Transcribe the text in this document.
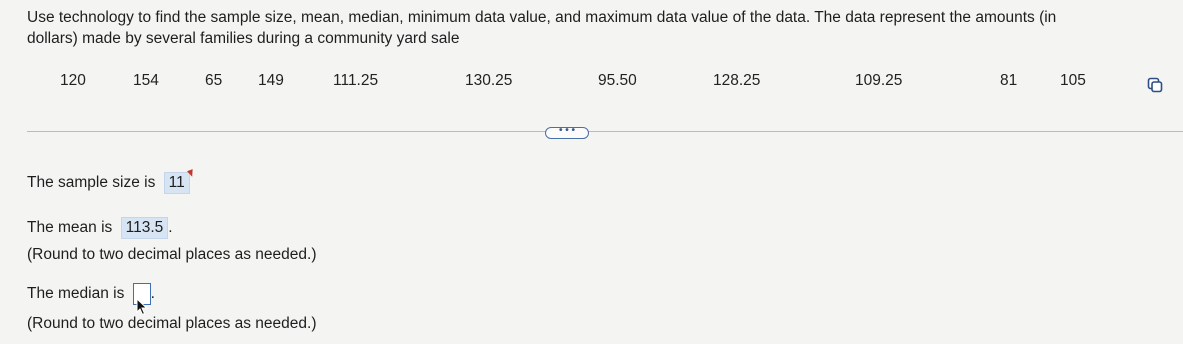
Use technology to find the sample size, mean, median, minimum data value, and maximum data value of the data. The data represent the amounts (in
dollars) made by several families during a community yard sale
120	154	65 149	111.25	130.25	95.50	128.25	109.25	81	105
• • •
The sample size is 11
The mean is 113.5 .
(Round to two decimal places as needed.)
The median is .
(Round to two decimal places as needed.)
